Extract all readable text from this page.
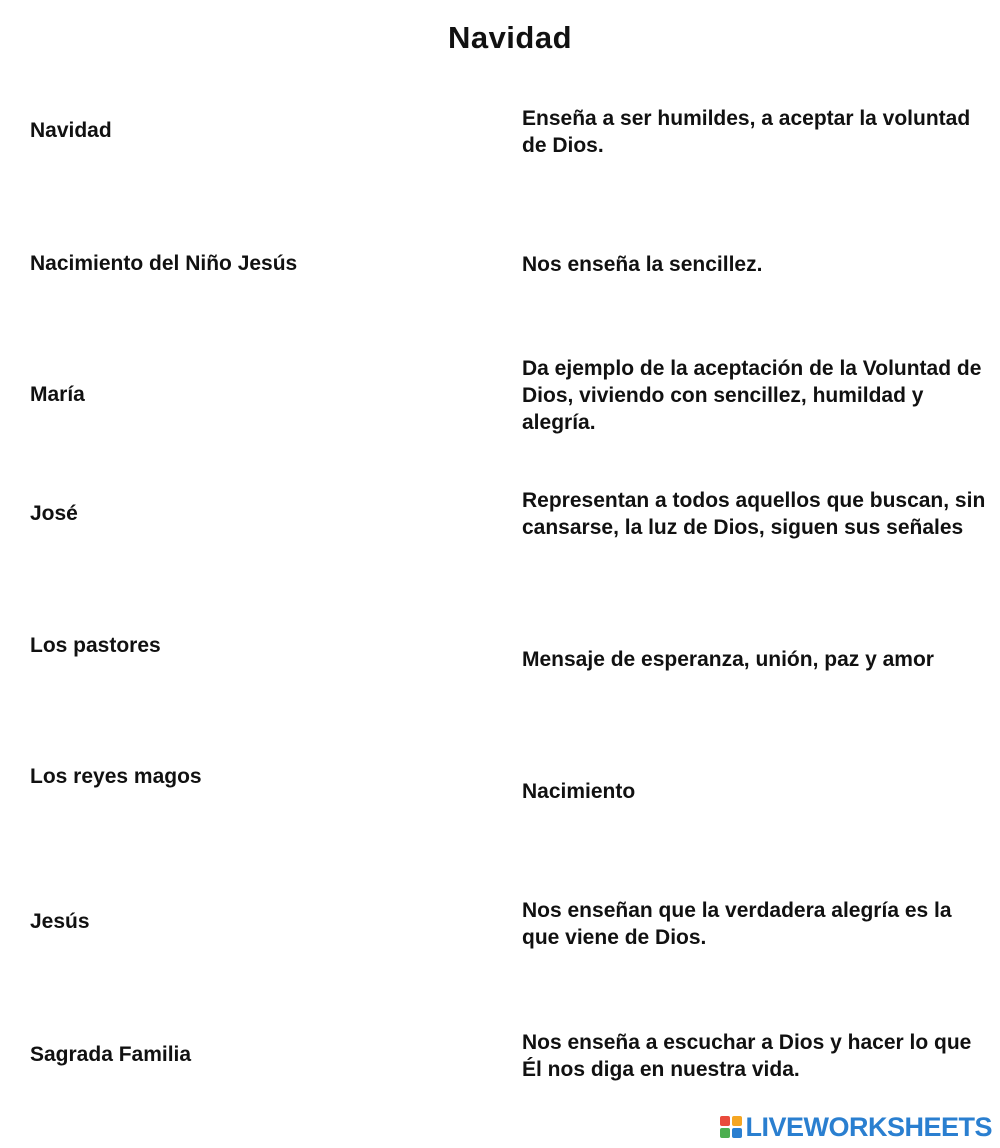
Navidad
Navidad
Nacimiento del Niño Jesús
María
José
Los pastores
Los reyes magos
Jesús
Sagrada Familia
Enseña a ser humildes, a aceptar la voluntad de Dios.
Nos enseña la sencillez.
Da ejemplo de la aceptación de la Voluntad de Dios, viviendo con sencillez, humildad y alegría.
Representan a todos aquellos que buscan, sin cansarse, la luz de Dios, siguen sus señales
Mensaje de esperanza, unión, paz y amor
Nacimiento
Nos enseñan que la verdadera alegría es la que viene de Dios.
Nos enseña a escuchar a Dios y hacer lo que Él nos diga en nuestra vida.
LIVEWORKSHEETS
